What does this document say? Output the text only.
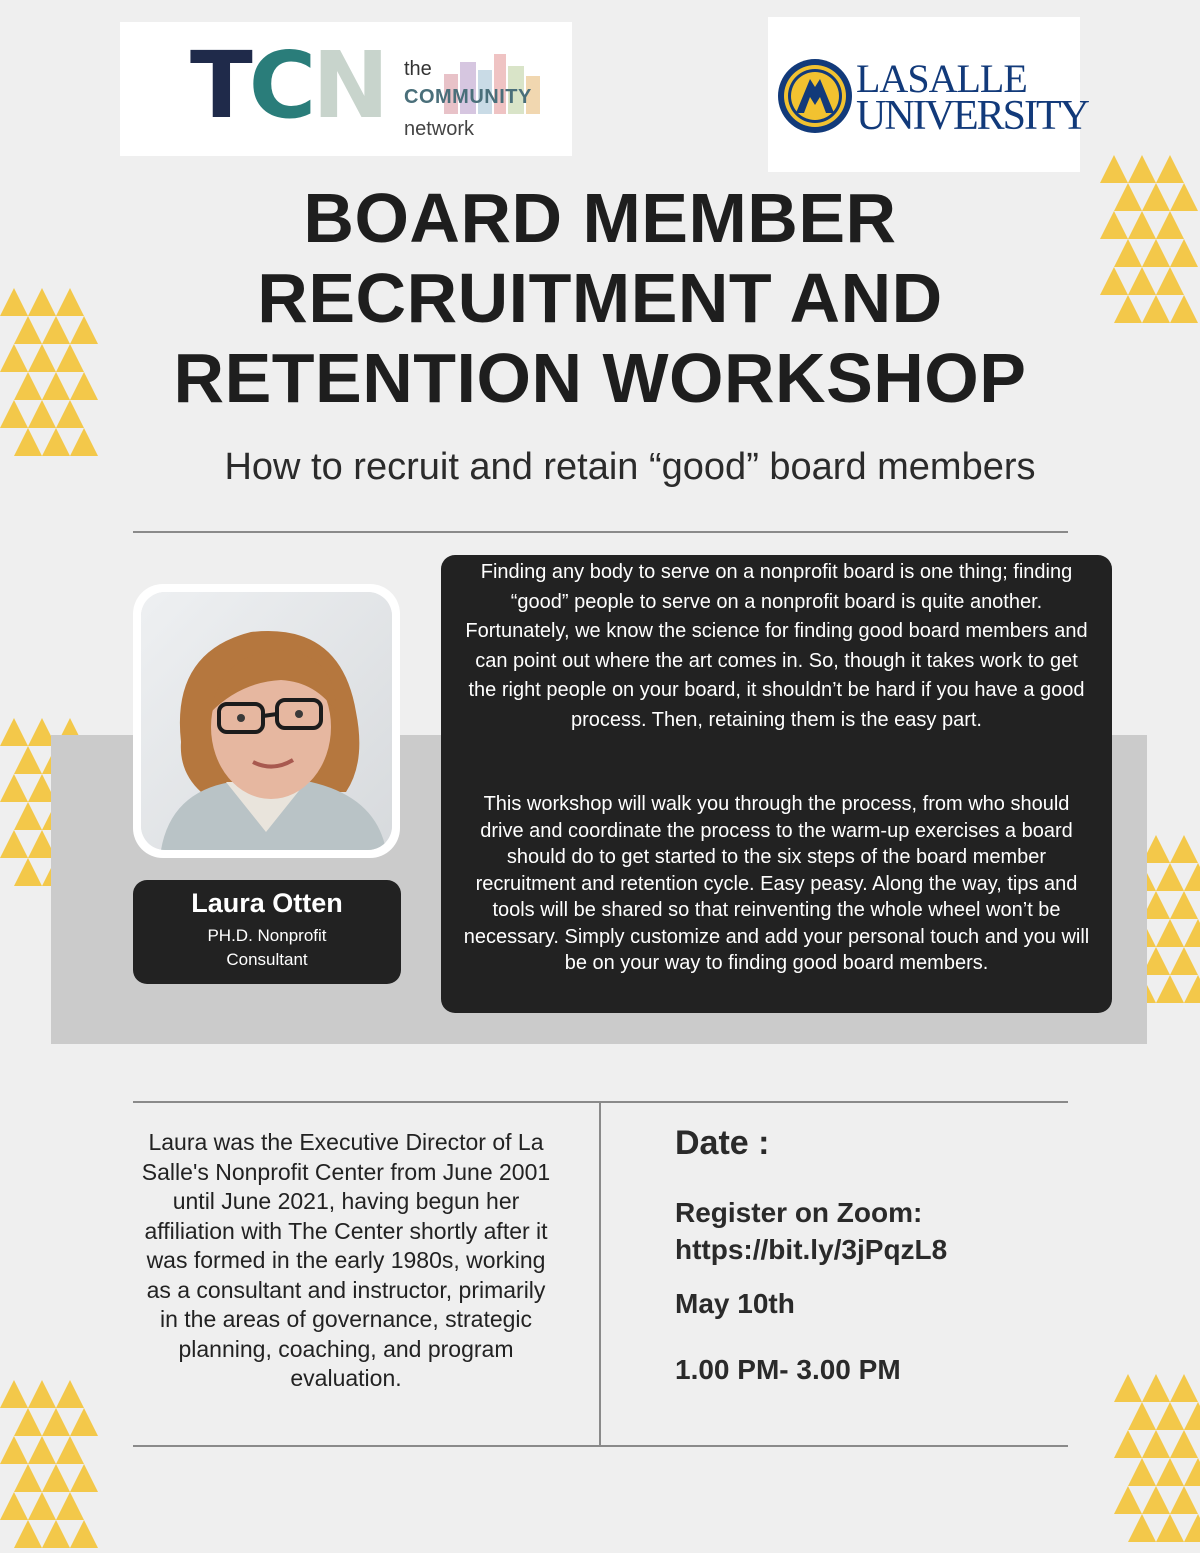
TCN the
COMMUNITY
network
LASALLE
UNIVERSITY
BOARD MEMBER
RECRUITMENT AND
RETENTION WORKSHOP
How to recruit and retain “good” board members
Laura Otten
PH.D. Nonprofit
Consultant

Finding any body to serve on a nonprofit board is one thing; finding “good” people to serve on a nonprofit board is quite another. Fortunately, we know the science for finding good board members and can point out where the art comes in. So, though it takes work to get the right people on your board, it shouldn’t be hard if you have a good process. Then, retaining them is the easy part.

This workshop will walk you through the process, from who should drive and coordinate the process to the warm-up exercises a board should do to get started to the six steps of the board member recruitment and retention cycle. Easy peasy. Along the way, tips and tools will be shared so that reinventing the whole wheel won’t be necessary. Simply customize and add your personal touch and you will be on your way to finding good board members.

Laura was the Executive Director of La Salle's Nonprofit Center from June 2001 until June 2021, having begun her affiliation with The Center shortly after it was formed in the early 1980s, working as a consultant and instructor, primarily in the areas of governance, strategic planning, coaching, and program evaluation.
Date :
Register on Zoom:
https://bit.ly/3jPqzL8
May 10th
1.00 PM- 3.00 PM
